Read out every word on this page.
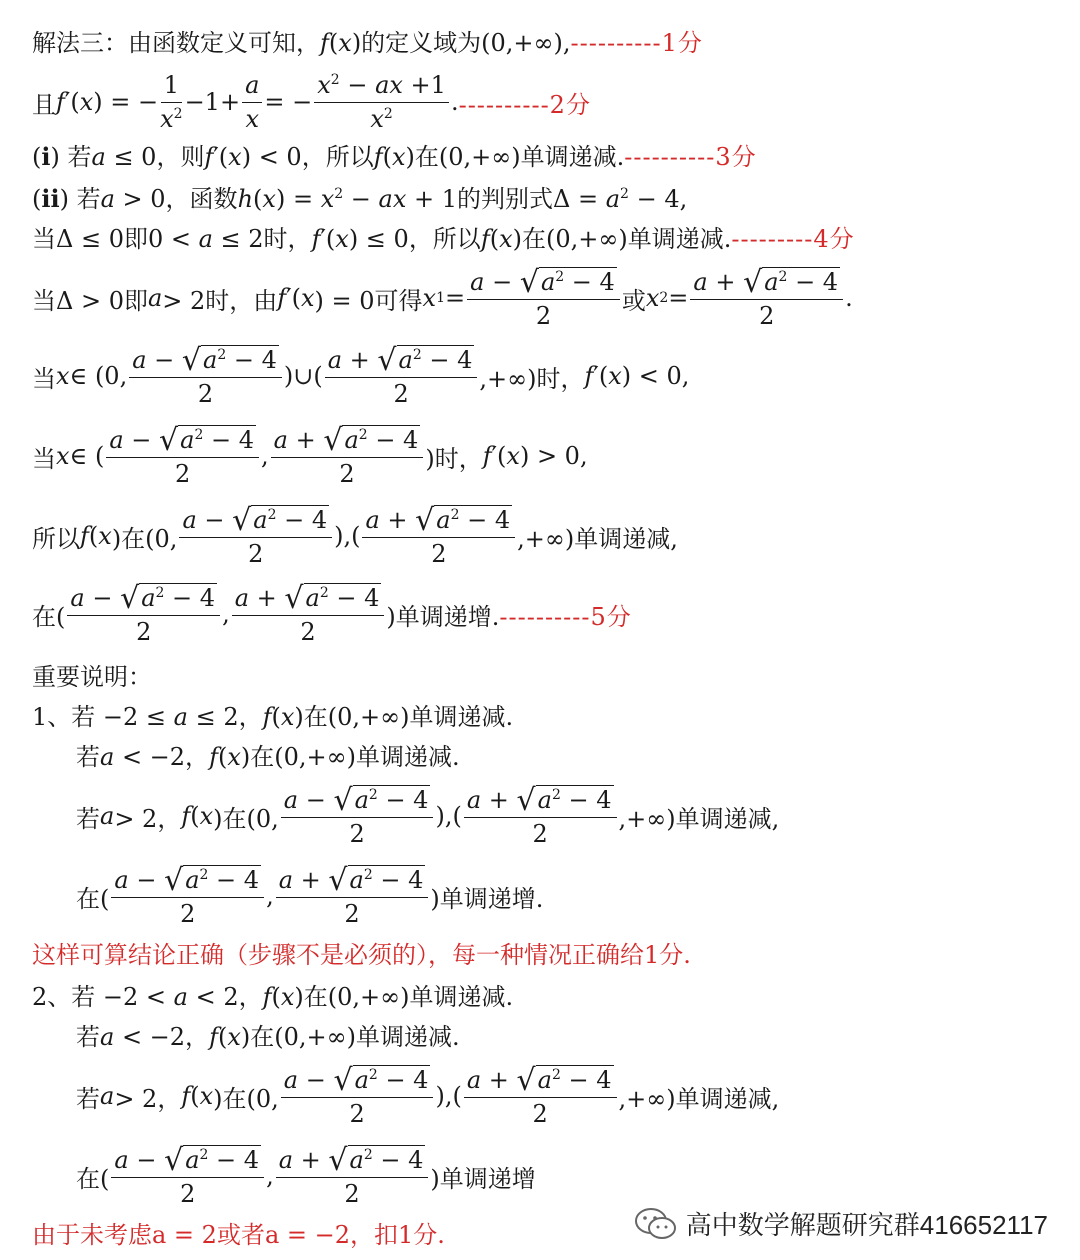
解法三：由函数定义可知，f(x)的定义域为(0,+∞), ----------1分
且 f ′( x ) = −
1
$x^2 -1+$
a
x
= −
$x^2$ − ax +1
$x^2$ . ----------2分
(i) 若a ≤ 0，则f′(x) < 0，所以f(x)在(0,+∞)单调递减. ----------3分
(ii) 若a > 0，函数$h(x) = x^2$ − ax + 1的判别式$\Delta = a^2 - 4$,
当Δ ≤ 0即0 < a ≤ 2时，f′(x) ≤ 0，所以f(x)在(0,+∞)单调递减. ---------4分
当Δ > 0即 a > 2时，由 f ′( x ) = 0可得 x 1 =
a − √ $a^2 - 4$
2
或 x 2 =
a + √ $a^2 - 4$
2
.
当 x ∈ (0,
a − √ $a^2 - 4$
2
)∪(
a + √ $a^2 - 4$
2
,+∞)时， f ′( x ) < 0,
当 x ∈ (
a − √ $a^2 - 4$
2
,
a + √ $a^2 - 4$
2
)时， f ′( x ) > 0,
所以 f ( x )在(0,
a − √ $a^2 - 4$
2
),(
a + √ $a^2 - 4$
2
,+∞)单调递减,
在(
a − √ $a^2 - 4$
2
,
a + √ $a^2 - 4$
2
)单调递增. ----------5分
重要说明：
1、若 −2 ≤ a ≤ 2，f(x)在(0,+∞)单调递减.
若a < −2，f(x)在(0,+∞)单调递减.
若 a > 2， f ( x )在(0,
a − √ $a^2 - 4$
2
),(
a + √ $a^2 - 4$
2
,+∞)单调递减,
在(
a − √ $a^2 - 4$
2
,
a + √ $a^2 - 4$
2
)单调递增.
这样可算结论正确（步骤不是必须的），每一种情况正确给1分.
2、若 −2 < a < 2，f(x)在(0,+∞)单调递减.
若a < −2，f(x)在(0,+∞)单调递减.
若 a > 2， f ( x )在(0,
a − √ $a^2 - 4$
2
),(
a + √ $a^2 - 4$
2
,+∞)单调递减,
在(
a − √ $a^2 - 4$
2
,
a + √ $a^2 - 4$
2
)单调递增
由于未考虑a = 2或者a = −2，扣1分.	高中数学解题研究群416652117
